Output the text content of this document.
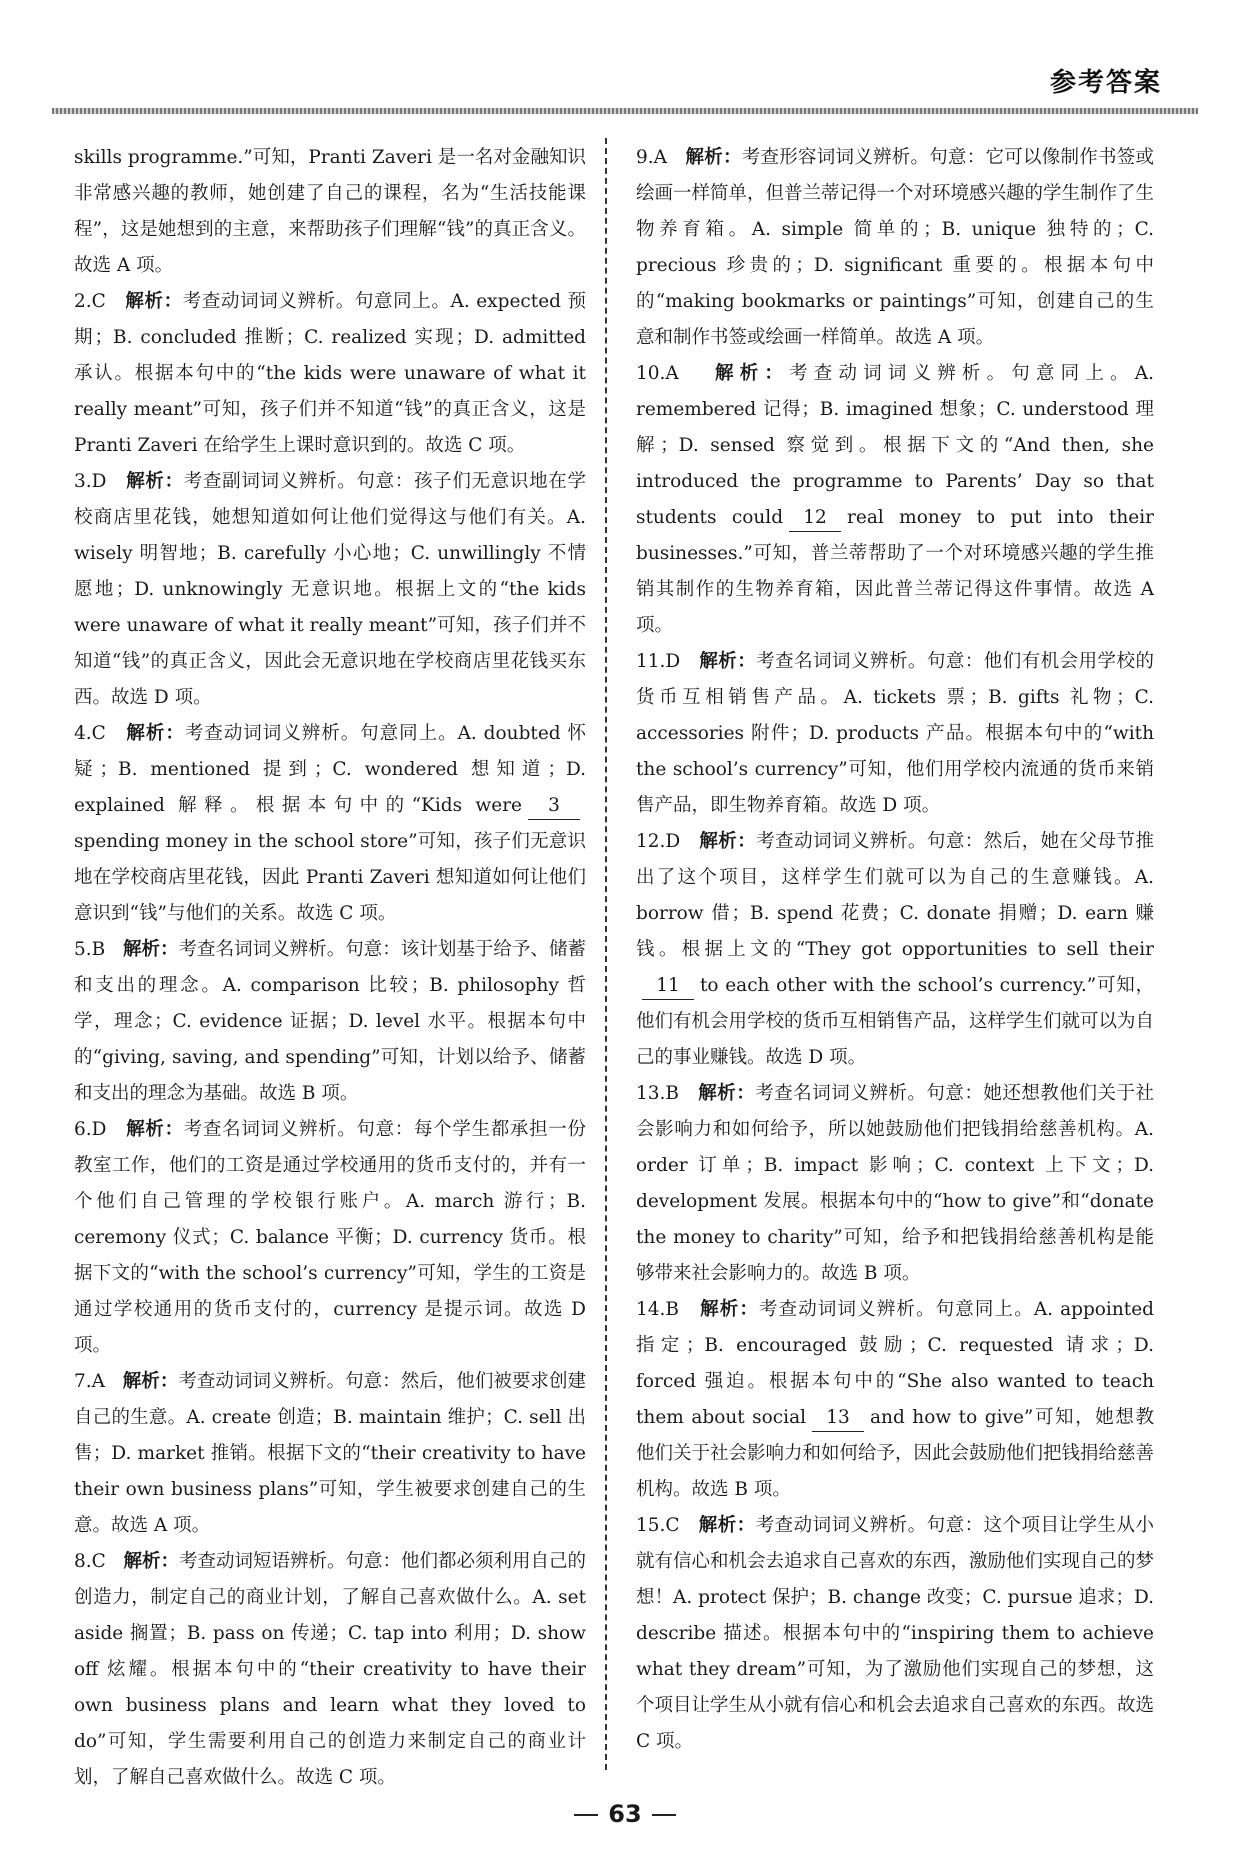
参考答案

skills programme.”可知，Pranti Zaveri 是一名对金融知识非常感兴趣的教师，她创建了自己的课程，名为“生活技能课程”，这是她想到的主意，来帮助孩子们理解“钱”的真正含义。故选 A 项。

2.C 解析：考查动词词义辨析。句意同上。A. expected 预期；B. concluded 推断；C. realized 实现；D. admitted 承认。根据本句中的“the kids were unaware of what it really meant”可知，孩子们并不知道“钱”的真正含义，这是 Pranti Zaveri 在给学生上课时意识到的。故选 C 项。

3.D 解析：考查副词词义辨析。句意：孩子们无意识地在学校商店里花钱，她想知道如何让他们觉得这与他们有关。A. wisely 明智地；B. carefully 小心地；C. unwillingly 不情愿地；D. unknowingly 无意识地。根据上文的“the kids were unaware of what it really meant”可知，孩子们并不知道“钱”的真正含义，因此会无意识地在学校商店里花钱买东西。故选 D 项。

4.C 解析：考查动词词义辨析。句意同上。A. doubted 怀疑；B. mentioned 提到；C. wondered 想知道；D. explained 解释。根据本句中的“Kids were 3spending money in the school store”可知，孩子们无意识地在学校商店里花钱，因此 Pranti Zaveri 想知道如何让他们意识到“钱”与他们的关系。故选 C 项。

5.B 解析：考查名词词义辨析。句意：该计划基于给予、储蓄和支出的理念。A. comparison 比较；B. philosophy 哲学，理念；C. evidence 证据；D. level 水平。根据本句中的“giving, saving, and spending”可知，计划以给予、储蓄和支出的理念为基础。故选 B 项。

6.D 解析：考查名词词义辨析。句意：每个学生都承担一份教室工作，他们的工资是通过学校通用的货币支付的，并有一个他们自己管理的学校银行账户。A. march 游行；B. ceremony 仪式；C. balance 平衡；D. currency 货币。根据下文的“with the school’s currency”可知，学生的工资是通过学校通用的货币支付的，currency 是提示词。故选 D 项。

7.A 解析：考查动词词义辨析。句意：然后，他们被要求创建自己的生意。A. create 创造；B. maintain 维护；C. sell 出售；D. market 推销。根据下文的“their creativity to have their own business plans”可知，学生被要求创建自己的生意。故选 A 项。

8.C 解析：考查动词短语辨析。句意：他们都必须利用自己的创造力，制定自己的商业计划，了解自己喜欢做什么。A. set aside 搁置；B. pass on 传递；C. tap into 利用；D. show off 炫耀。根据本句中的“their creativity to have their own business plans and learn what they loved to do”可知，学生需要利用自己的创造力来制定自己的商业计划，了解自己喜欢做什么。故选 C 项。

9.A 解析：考查形容词词义辨析。句意：它可以像制作书签或绘画一样简单，但普兰蒂记得一个对环境感兴趣的学生制作了生物养育箱。A. simple 简单的；B. unique 独特的；C. precious 珍贵的；D. significant 重要的。根据本句中的“making bookmarks or paintings”可知，创建自己的生意和制作书签或绘画一样简单。故选 A 项。

10.A 解析：考查动词词义辨析。句意同上。A. remembered 记得；B. imagined 想象；C. understood 理解；D. sensed 察觉到。根据下文的“And then, she introduced the programme to Parents’ Day so that students could 12 real money to put into their businesses.”可知，普兰蒂帮助了一个对环境感兴趣的学生推销其制作的生物养育箱，因此普兰蒂记得这件事情。故选 A 项。

11.D 解析：考查名词词义辨析。句意：他们有机会用学校的货币互相销售产品。A. tickets 票；B. gifts 礼物；C. accessories 附件；D. products 产品。根据本句中的“with the school’s currency”可知，他们用学校内流通的货币来销售产品，即生物养育箱。故选 D 项。

12.D 解析：考查动词词义辨析。句意：然后，她在父母节推出了这个项目，这样学生们就可以为自己的生意赚钱。A. borrow 借；B. spend 花费；C. donate 捐赠；D. earn 赚钱。根据上文的“They got opportunities to sell their11 to each other with the school’s currency.”可知，他们有机会用学校的货币互相销售产品，这样学生们就可以为自己的事业赚钱。故选 D 项。

13.B 解析：考查名词词义辨析。句意：她还想教他们关于社会影响力和如何给予，所以她鼓励他们把钱捐给慈善机构。A. order 订单；B. impact 影响；C. context 上下文；D. development 发展。根据本句中的“how to give”和“donate the money to charity”可知，给予和把钱捐给慈善机构是能够带来社会影响力的。故选 B 项。

14.B 解析：考查动词词义辨析。句意同上。A. appointed 指定；B. encouraged 鼓励；C. requested 请求；D. forced 强迫。根据本句中的“She also wanted to teach them about social 13 and how to give”可知，她想教他们关于社会影响力和如何给予，因此会鼓励他们把钱捐给慈善机构。故选 B 项。

15.C 解析：考查动词词义辨析。句意：这个项目让学生从小就有信心和机会去追求自己喜欢的东西，激励他们实现自己的梦想！A. protect 保护；B. change 改变；C. pursue 追求；D. describe 描述。根据本句中的“inspiring them to achieve what they dream”可知，为了激励他们实现自己的梦想，这个项目让学生从小就有信心和机会去追求自己喜欢的东西。故选 C 项。

63
